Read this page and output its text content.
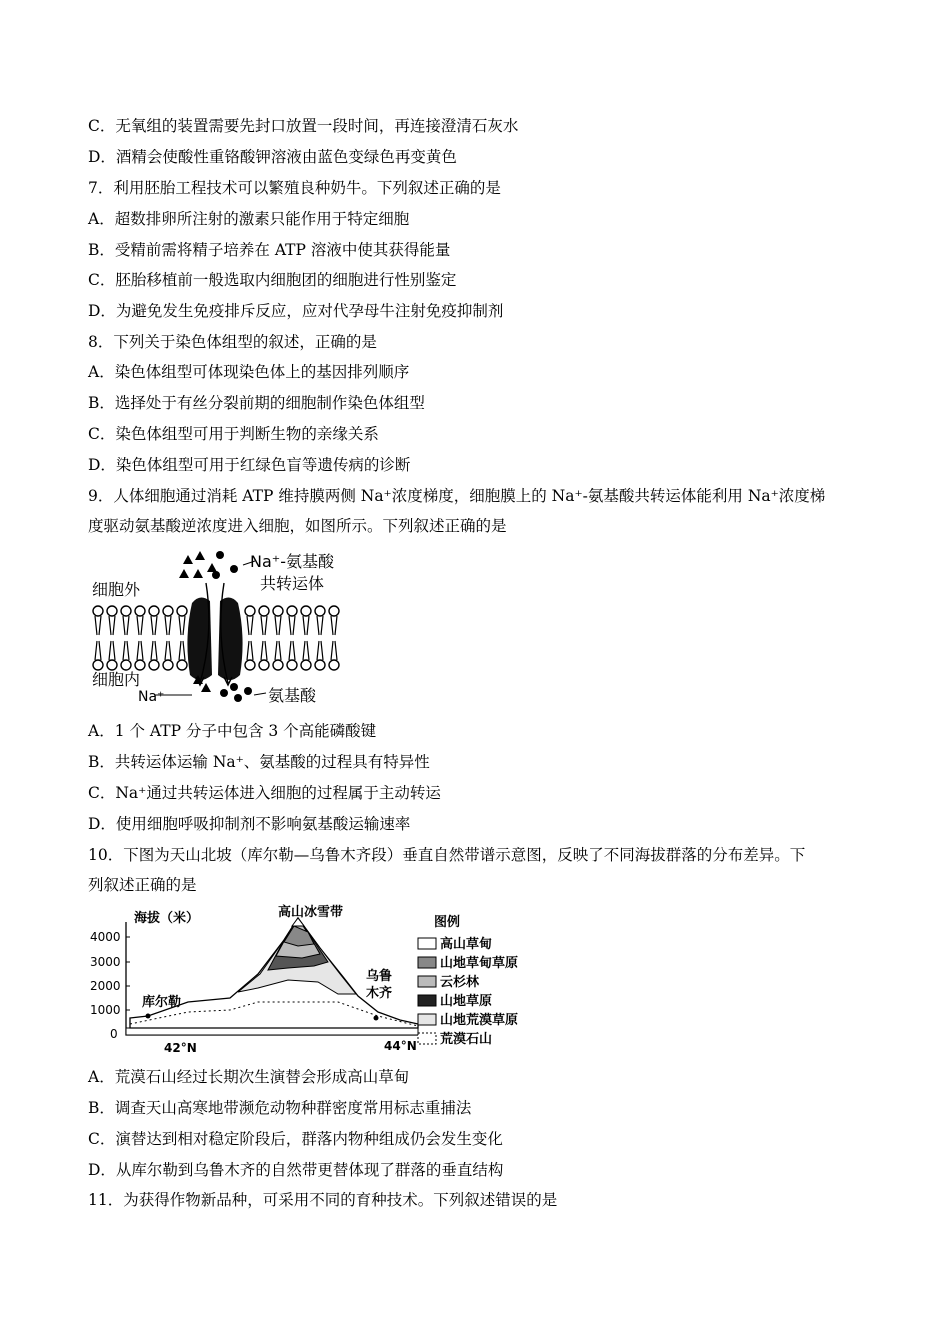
C．无氧组的装置需要先封口放置一段时间，再连接澄清石灰水
D．酒精会使酸性重铬酸钾溶液由蓝色变绿色再变黄色
7．利用胚胎工程技术可以繁殖良种奶牛。下列叙述正确的是
A．超数排卵所注射的激素只能作用于特定细胞
B．受精前需将精子培养在 ATP 溶液中使其获得能量
C．胚胎移植前一般选取内细胞团的细胞进行性别鉴定
D．为避免发生免疫排斥反应，应对代孕母牛注射免疫抑制剂
8．下列关于染色体组型的叙述，正确的是
A．染色体组型可体现染色体上的基因排列顺序
B．选择处于有丝分裂前期的细胞制作染色体组型
C．染色体组型可用于判断生物的亲缘关系
D．染色体组型可用于红绿色盲等遗传病的诊断
9．人体细胞通过消耗 ATP 维持膜两侧 Na⁺浓度梯度，细胞膜上的 Na⁺-氨基酸共转运体能利用 Na⁺浓度梯
度驱动氨基酸逆浓度进入细胞，如图所示。下列叙述正确的是
Na⁺-氨基酸
共转运体
细胞外
细胞内
Na⁺	氨基酸
A．1 个 ATP 分子中包含 3 个高能磷酸键
B．共转运体运输 Na⁺、氨基酸的过程具有特异性
C．Na⁺通过共转运体进入细胞的过程属于主动转运
D．使用细胞呼吸抑制剂不影响氨基酸运输速率
10．下图为天山北坡（库尔勒—乌鲁木齐段）垂直自然带谱示意图，反映了不同海拔群落的分布差异。下
列叙述正确的是
海拔（米）
4000
3000
2000
1000
0
库尔勒
乌鲁
木齐
高山冰雪带
42°N	44°N
图例
高山草甸
山地草甸草原
云杉林
山地草原
山地荒漠草原
荒漠石山
A．荒漠石山经过长期次生演替会形成高山草甸
B．调查天山高寒地带濒危动物种群密度常用标志重捕法
C．演替达到相对稳定阶段后，群落内物种组成仍会发生变化
D．从库尔勒到乌鲁木齐的自然带更替体现了群落的垂直结构
11．为获得作物新品种，可采用不同的育种技术。下列叙述错误的是
